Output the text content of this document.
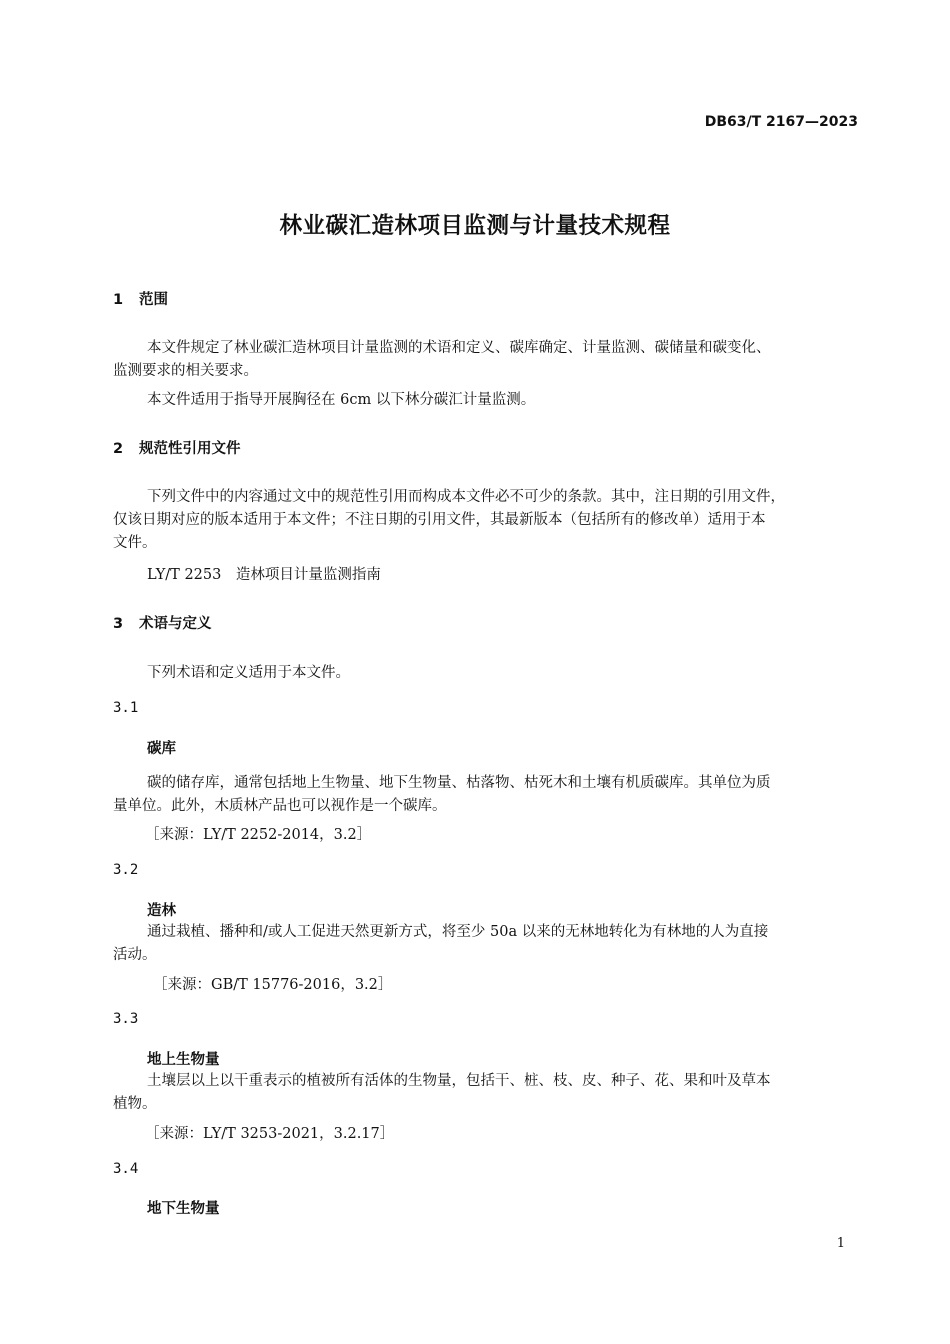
DB63/T 2167—2023
林业碳汇造林项目监测与计量技术规程
1 范围
本文件规定了林业碳汇造林项目计量监测的术语和定义、碳库确定、计量监测、碳储量和碳变化、
监测要求的相关要求。
本文件适用于指导开展胸径在 6cm 以下林分碳汇计量监测。
2 规范性引用文件
下列文件中的内容通过文中的规范性引用而构成本文件必不可少的条款。其中，注日期的引用文件，
仅该日期对应的版本适用于本文件；不注日期的引用文件，其最新版本（包括所有的修改单）适用于本
文件。
LY/T 2253　造林项目计量监测指南
3 术语与定义
下列术语和定义适用于本文件。
3.1
碳库
碳的储存库，通常包括地上生物量、地下生物量、枯落物、枯死木和土壤有机质碳库。其单位为质
量单位。此外，木质林产品也可以视作是一个碳库。
［来源：LY/T 2252-2014，3.2］
3.2
造林
通过栽植、播种和/或人工促进天然更新方式，将至少 50a 以来的无林地转化为有林地的人为直接
活动。
［来源：GB/T 15776-2016，3.2］
3.3
地上生物量
土壤层以上以干重表示的植被所有活体的生物量，包括干、桩、枝、皮、种子、花、果和叶及草本
植物。
［来源：LY/T 3253-2021，3.2.17］
3.4
地下生物量
1
